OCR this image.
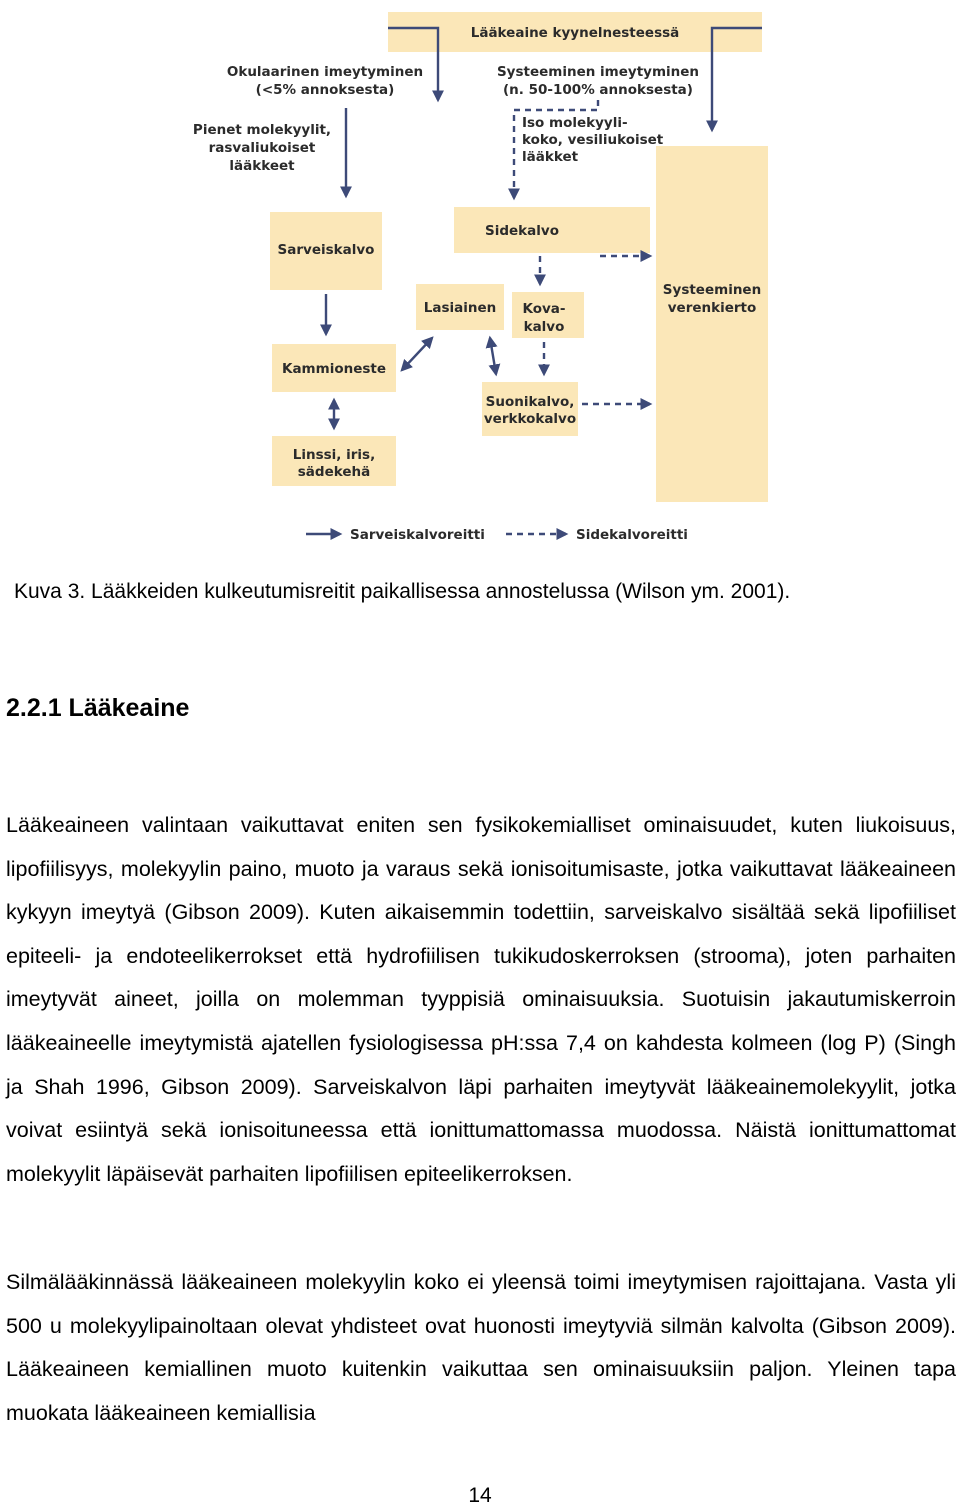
Lääkeaine kyynelnesteessä
Okulaarinen imeytyminen
(<5% annoksesta)
Systeeminen imeytyminen
(n. 50-100% annoksesta)
Pienet molekyylit,
rasvaliukoiset
lääkkeet
Iso molekyyli-
koko, vesiliukoiset
lääkket
Sarveiskalvo
Sidekalvo
Lasiainen Kova-
kalvo
Systeeminen
verenkierto
Kammioneste
Suonikalvo,
verkkokalvo
Linssi, iris,
sädekehä
Sarveiskalvoreitti	Sidekalvoreitti
Kuva 3. Lääkkeiden kulkeutumisreitit paikallisessa annostelussa (Wilson ym. 2001).
2.2.1 Lääkeaine

Lääkeaineen valintaan vaikuttavat eniten sen fysikokemialliset ominaisuudet, kuten liukoisuus, lipofiilisyys, molekyylin paino, muoto ja varaus sekä ionisoitumisaste, jotka vaikuttavat lääkeaineen kykyyn imeytyä (Gibson 2009). Kuten aikaisemmin todettiin, sarveiskalvo sisältää sekä lipofiiliset epiteeli- ja endoteelikerrokset että hydrofiilisen tukikudoskerroksen (strooma), joten parhaiten imeytyvät aineet, joilla on molemman tyyppisiä ominaisuuksia. Suotuisin jakautumiskerroin lääkeaineelle imeytymistä ajatellen fysiologisessa pH:ssa 7,4 on kahdesta kolmeen (log P) (Singh ja Shah 1996, Gibson 2009). Sarveiskalvon läpi parhaiten imeytyvät lääkeainemolekyylit, jotka voivat esiintyä sekä ionisoituneessa että ionittumattomassa muodossa. Näistä ionittumattomat molekyylit läpäisevät parhaiten lipofiilisen epiteelikerroksen.

Silmälääkinnässä lääkeaineen molekyylin koko ei yleensä toimi imeytymisen rajoittajana. Vasta yli 500 u molekyylipainoltaan olevat yhdisteet ovat huonosti imeytyviä silmän kalvolta (Gibson 2009). Lääkeaineen kemiallinen muoto kuitenkin vaikuttaa sen ominaisuuksiin paljon. Yleinen tapa muokata lääkeaineen kemiallisia

14
